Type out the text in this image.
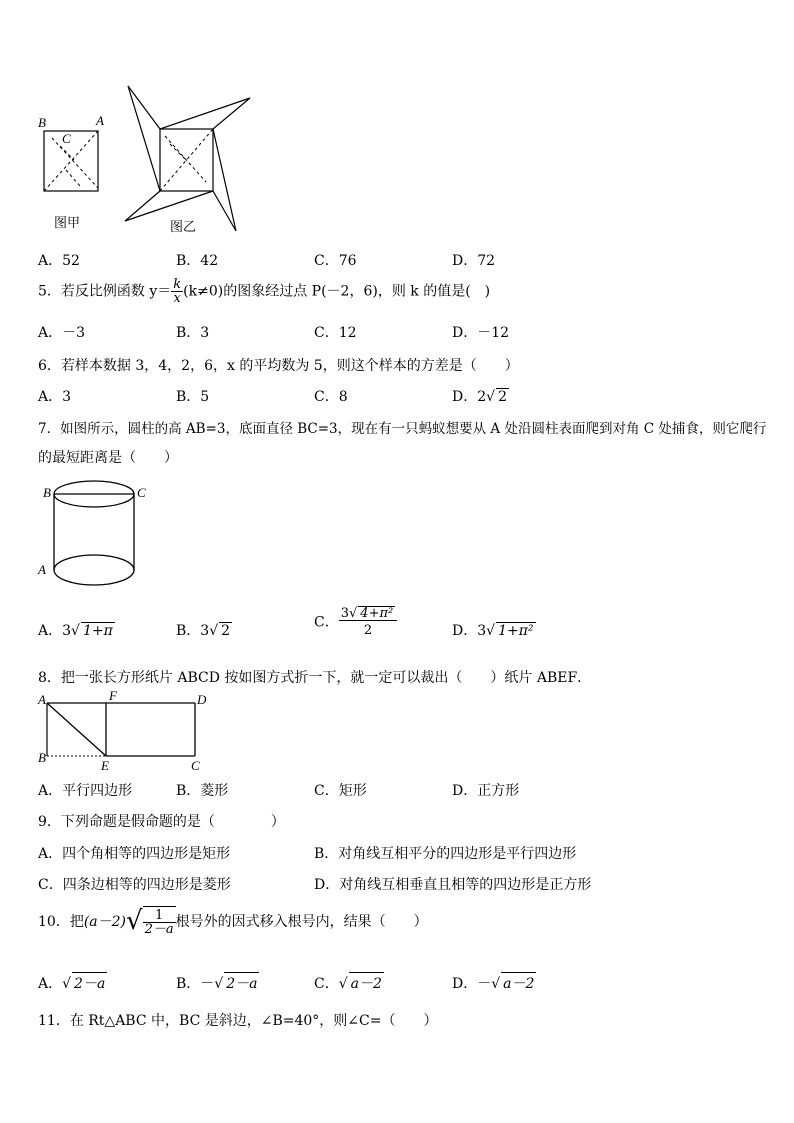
B	A
C
图甲	图乙
A．52	B．42	C．76	D．72
5．若反比例函数 $y= \frac{k}{x} (k\ne 0)$的图象经过点 P(－2，6)，则 k 的值是(　)
A．－3	B．3	C．12	D．－12
6．若样本数据 3，4，2，6，x 的平均数为 5，则这个样本的方差是（　　）
A．3	B．5	C．8	D．2√ 2
7．如图所示，圆柱的高 AB=3，底面直径 BC=3，现在有一只蚂蚁想要从 A 处沿圆柱表面爬到对角 C 处捕食，则它爬行
的最短距离是（　　）
B	C
A
A．3√ 1+π	B．3√ 2
C． $\frac{\text{3√ 4+π²}}{2}$	D．3√ 1+π²
8．把一张长方形纸片 ABCD 按如图方式折一下，就一定可以裁出（　　）纸片 ABEF．
A	F	D
B
E	C
A．平行四边形	B．菱形	C．矩形	D．正方形
9．下列命题是假命题的是（　　　　）
A．四个角相等的四边形是矩形	B．对角线互相平分的四边形是平行四边形
C．四条边相等的四边形是菱形	D．对角线互相垂直且相等的四边形是正方形
10．把$(a-2)√ \frac{1}{2-a}$ 根号外的因式移入根号内，结果（　　）
A．√ 2－a	B．－√ 2－a	C．√ a－2	D．－√ a－2
11．在 Rt△ABC 中，BC 是斜边，∠B=40°，则∠C=（　　）
